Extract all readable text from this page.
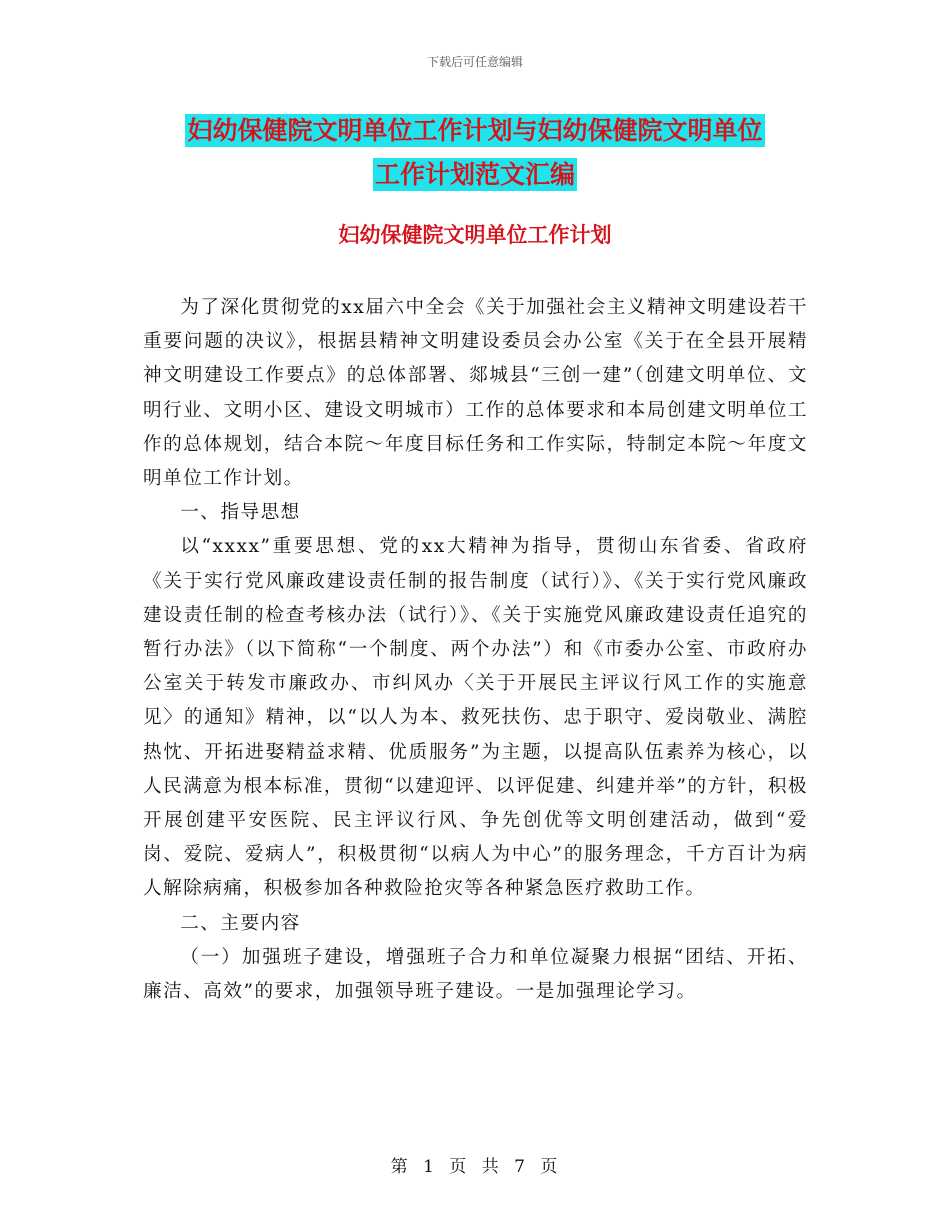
下载后可任意编辑
妇幼保健院文明单位工作计划与妇幼保健院文明单位
工作计划范文汇编
妇幼保健院文明单位工作计划

为了深化贯彻党的xx届六中全会《关于加强社会主义精神文明建设若干重要问题的决议》，根据县精神文明建设委员会办公室《关于在全县开展精神文明建设工作要点》的总体部署、郯城县“三创一建”（创建文明单位、文明行业、文明小区、建设文明城市）工作的总体要求和本局创建文明单位工作的总体规划，结合本院～年度目标任务和工作实际，特制定本院～年度文明单位工作计划。

一、指导思想

以“xxxx”重要思想、党的xx大精神为指导，贯彻山东省委、省政府《关于实行党风廉政建设责任制的报告制度（试行）》、《关于实行党风廉政建设责任制的检查考核办法（试行）》、《关于实施党风廉政建设责任追究的暂行办法》（以下简称“一个制度、两个办法”）和《市委办公室、市政府办公室关于转发市廉政办、市纠风办〈关于开展民主评议行风工作的实施意见〉的通知》精神，以“以人为本、救死扶伤、忠于职守、爱岗敬业、满腔热忱、开拓进娶精益求精、优质服务”为主题，以提高队伍素养为核心，以人民满意为根本标准，贯彻“以建迎评、以评促建、纠建并举”的方针，积极开展创建平安医院、民主评议行风、争先创优等文明创建活动，做到“爱岗、爱院、爱病人”，积极贯彻“以病人为中心”的服务理念，千方百计为病人解除病痛，积极参加各种救险抢灾等各种紧急医疗救助工作。

二、主要内容

（一）加强班子建设，增强班子合力和单位凝聚力根据“团结、开拓、廉洁、高效”的要求，加强领导班子建设。一是加强理论学习。

第 1 页 共 7 页
